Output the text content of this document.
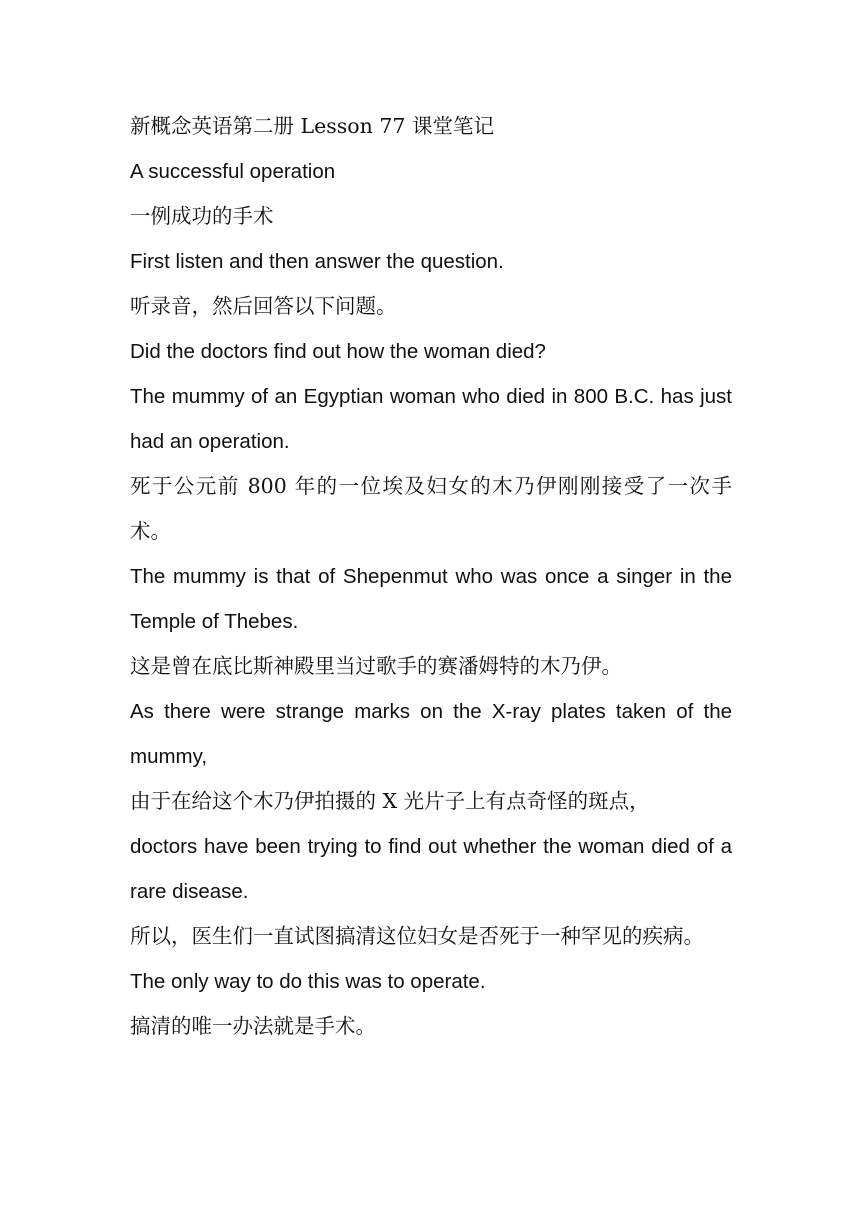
新概念英语第二册 Lesson 77 课堂笔记

A successful operation

一例成功的手术

First listen and then answer the question.

听录音，然后回答以下问题。

Did the doctors find out how the woman died?

The mummy of an Egyptian woman who died in 800 B.C. has just had an operation.

死于公元前 800 年的一位埃及妇女的木乃伊刚刚接受了一次手术。

The mummy is that of Shepenmut who was once a singer in the Temple of Thebes.

这是曾在底比斯神殿里当过歌手的赛潘姆特的木乃伊。

As there were strange marks on the X-ray plates taken of the mummy,

由于在给这个木乃伊拍摄的 X 光片子上有点奇怪的斑点，

doctors have been trying to find out whether the woman died of a rare disease.

所以，医生们一直试图搞清这位妇女是否死于一种罕见的疾病。

The only way to do this was to operate.

搞清的唯一办法就是手术。
